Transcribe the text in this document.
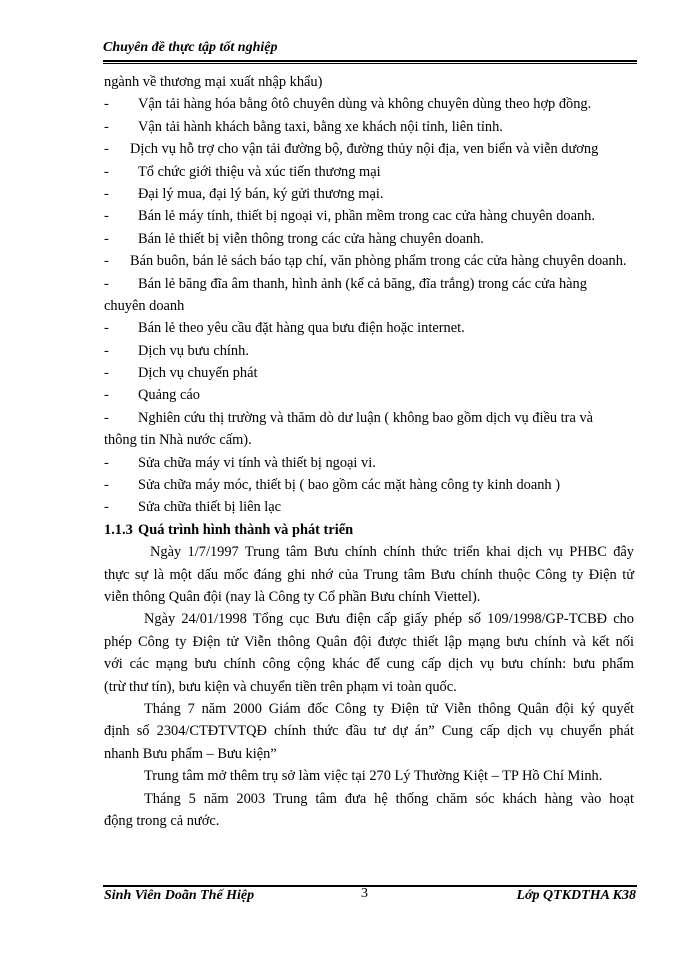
Chuyên đề thực tập tốt nghiệp
ngành về thương mại xuất nhập khẩu)
- Vận tải hàng hóa bằng ôtô chuyên dùng và không chuyên dùng theo hợp đồng.
- Vận tải hành khách bằng taxi, bằng xe khách nội tỉnh, liên tỉnh.
- Dịch vụ hỗ trợ cho vận tải đường bộ, đường thủy nội địa, ven biển và viễn dương
- Tổ chức giới thiệu và xúc tiến thương mại
- Đại lý mua, đại lý bán, ký gửi thương mại.
- Bán lẻ máy tính, thiết bị ngoại vi, phần mềm trong cac cửa hàng chuyên doanh.
- Bán lẻ thiết bị viễn thông trong các cửa hàng chuyên doanh.
- Bán buôn, bán lẻ sách báo tạp chí, văn phòng phẩm trong các cửa hàng chuyên doanh.
- Bán lẻ băng đĩa âm thanh, hình ảnh (kể cả băng, đĩa trắng) trong các cửa hàng
chuyên doanh
- Bán lẻ theo yêu cầu đặt hàng qua bưu điện hoặc internet.
- Dịch vụ bưu chính.
- Dịch vụ chuyển phát
- Quảng cáo
- Nghiên cứu thị trường và thăm dò dư luận ( không bao gồm dịch vụ điều tra và
thông tin Nhà nước cấm).
- Sửa chữa máy vi tính và thiết bị ngoại vi.
- Sửa chữa máy móc, thiết bị ( bao gồm các mặt hàng công ty kinh doanh )
- Sửa chữa thiết bị liên lạc
1.1.3 Quá trình hình thành và phát triển
Ngày 1/7/1997 Trung tâm Bưu chính chính thức triển khai dịch vụ PHBC đây
thực sự là một dấu mốc đáng ghi nhớ của Trung tâm Bưu chính thuộc Công ty Điện tử
viễn thông Quân đội (nay là Công ty Cổ phần Bưu chính Viettel).
Ngày 24/01/1998 Tổng cục Bưu điện cấp giấy phép số 109/1998/GP-TCBĐ cho
phép Công ty Điện tử Viễn thông Quân đội được thiết lập mạng bưu chính và kết nối
với các mạng bưu chính công cộng khác để cung cấp dịch vụ bưu chính: bưu phẩm
(trừ thư tín), bưu kiện và chuyển tiền trên phạm vi toàn quốc.
Tháng 7 năm 2000 Giám đốc Công ty Điện tử Viễn thông Quân đội ký quyết
định số 2304/CTĐTVTQĐ chính thức đầu tư dự án” Cung cấp dịch vụ chuyển phát
nhanh Bưu phẩm – Bưu kiện”
Trung tâm mở thêm trụ sở làm việc tại 270 Lý Thường Kiệt – TP Hồ Chí Minh.
Tháng 5 năm 2003 Trung tâm đưa hệ thống chăm sóc khách hàng vào hoạt
động trong cả nước.
Sinh Viên Doãn Thế Hiệp	3	Lớp QTKDTHA K38
